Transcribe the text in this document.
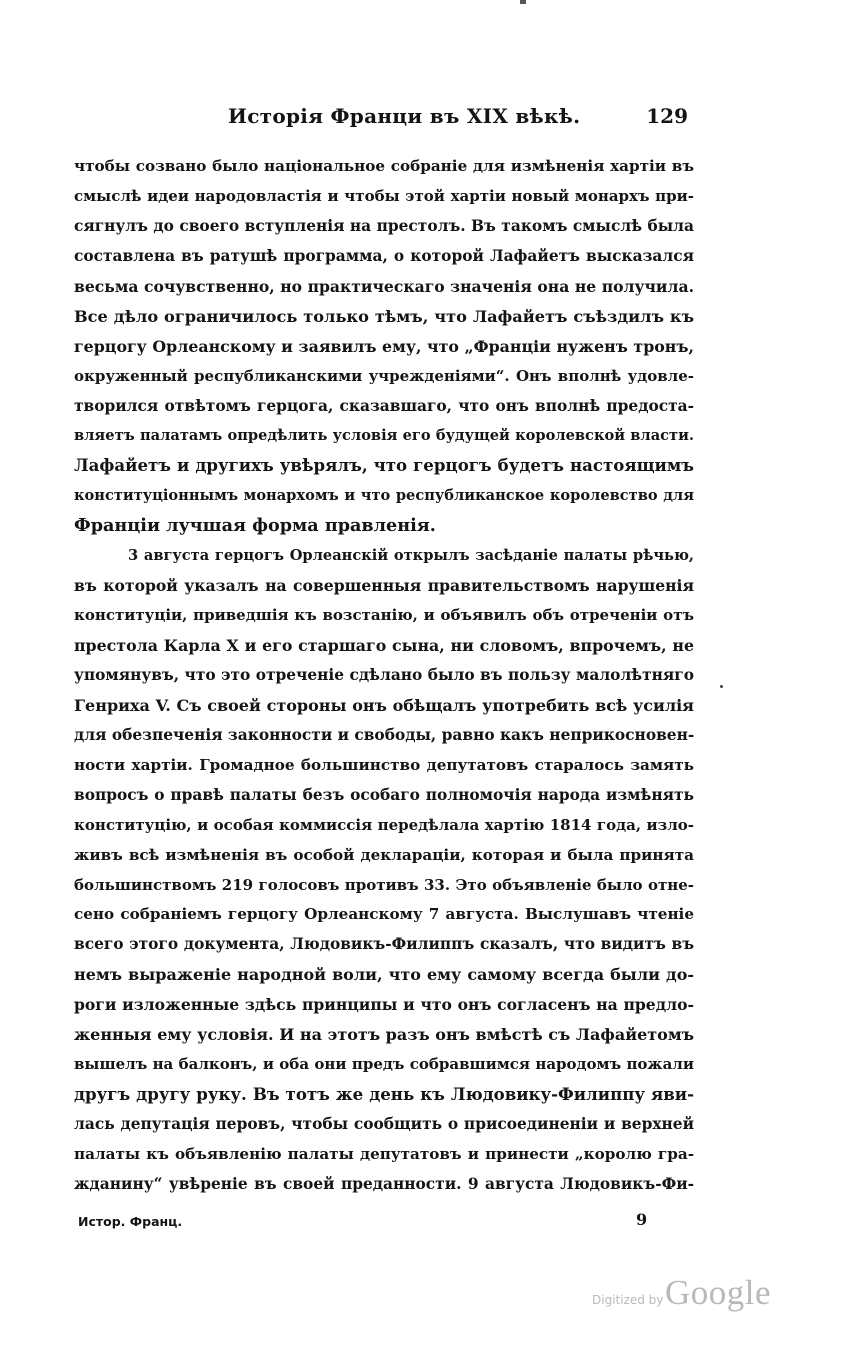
Исторія Франци въ XIX вѣкѣ.	129
чтобы созвано было національное собраніе для измѣненія хартіи въ
смыслѣ идеи народовластія и чтобы этой хартіи новый монархъ при-
сягнулъ до своего вступленія на престолъ. Въ такомъ смыслѣ была
составлена въ ратушѣ программа, о которой Лафайетъ высказался
весьма сочувственно, но практическаго значенія она не получила.
Все дѣло ограничилось только тѣмъ, что Лафайетъ съѣздилъ къ
герцогу Орлеанскому и заявилъ ему, что „Франціи нуженъ тронъ,
окруженный республиканскими учрежденіями“. Онъ вполнѣ удовле-
творился отвѣтомъ герцога, сказавшаго, что онъ вполнѣ предоста-
вляетъ палатамъ опредѣлить условія его будущей королевской власти.
Лафайетъ и другихъ увѣрялъ, что герцогъ будетъ настоящимъ
конституціоннымъ монархомъ и что республиканское королевство для
Франціи лучшая форма правленія.
3 августа герцогъ Орлеанскій открылъ засѣданіе палаты рѣчью,
въ которой указалъ на совершенныя правительствомъ нарушенія
конституціи, приведшія къ возстанію, и объявилъ объ отреченіи отъ
престола Карла X и его старшаго сына, ни словомъ, впрочемъ, не
упомянувъ, что это отреченіе сдѣлано было въ пользу малолѣтняго
Генриха V. Съ своей стороны онъ обѣщалъ употребить всѣ усилія
для обезпеченія законности и свободы, равно какъ неприкосновен-
ности хартіи. Громадное большинство депутатовъ старалось замять
вопросъ о правѣ палаты безъ особаго полномочія народа измѣнять
конституцію, и особая коммиссія передѣлала хартію 1814 года, изло-
живъ всѣ измѣненія въ особой деклараціи, которая и была принята
большинствомъ 219 голосовъ противъ 33. Это объявленіе было отне-
сено собраніемъ герцогу Орлеанскому 7 августа. Выслушавъ чтеніе
всего этого документа, Людовикъ-Филиппъ сказалъ, что видитъ въ
немъ выраженіе народной воли, что ему самому всегда были до-
роги изложенные здѣсь принципы и что онъ согласенъ на предло-
женныя ему условія. И на этотъ разъ онъ вмѣстѣ съ Лафайетомъ
вышелъ на балконъ, и оба они предъ собравшимся народомъ пожали
другъ другу руку. Въ тотъ же день къ Людовику-Филиппу яви-
лась депутація перовъ, чтобы сообщить о присоединеніи и верхней
палаты къ объявленію палаты депутатовъ и принести „королю гра-
жданину“ увѣреніе въ своей преданности. 9 августа Людовикъ-Фи-
Истор. Франц.	9
Digitized by Google
